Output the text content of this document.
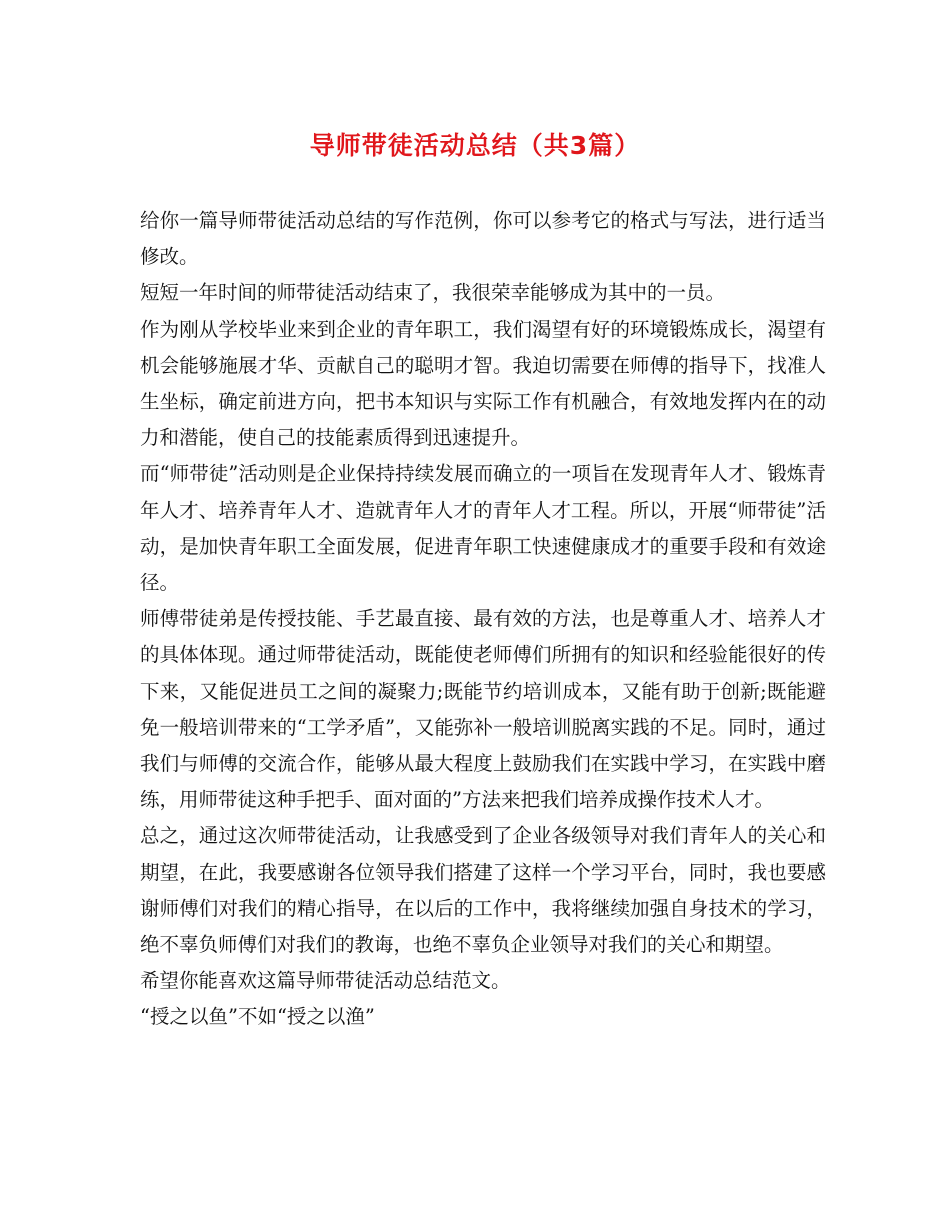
导师带徒活动总结（共3篇）

给你一篇导师带徒活动总结的写作范例，你可以参考它的格式与写法，进行适当修改。

短短一年时间的师带徒活动结束了，我很荣幸能够成为其中的一员。

作为刚从学校毕业来到企业的青年职工，我们渴望有好的环境锻炼成长，渴望有机会能够施展才华、贡献自己的聪明才智。我迫切需要在师傅的指导下，找准人生坐标，确定前进方向，把书本知识与实际工作有机融合，有效地发挥内在的动力和潜能，使自己的技能素质得到迅速提升。

而“师带徒”活动则是企业保持持续发展而确立的一项旨在发现青年人才、锻炼青年人才、培养青年人才、造就青年人才的青年人才工程。所以，开展“师带徒”活动，是加快青年职工全面发展，促进青年职工快速健康成才的重要手段和有效途径。

师傅带徒弟是传授技能、手艺最直接、最有效的方法，也是尊重人才、培养人才的具体体现。通过师带徒活动，既能使老师傅们所拥有的知识和经验能很好的传下来，又能促进员工之间的凝聚力;既能节约培训成本，又能有助于创新;既能避免一般培训带来的“工学矛盾”，又能弥补一般培训脱离实践的不足。同时，通过我们与师傅的交流合作，能够从最大程度上鼓励我们在实践中学习，在实践中磨练，用师带徒这种手把手、面对面的”方法来把我们培养成操作技术人才。

总之，通过这次师带徒活动，让我感受到了企业各级领导对我们青年人的关心和期望，在此，我要感谢各位领导我们搭建了这样一个学习平台，同时，我也要感谢师傅们对我们的精心指导，在以后的工作中，我将继续加强自身技术的学习，绝不辜负师傅们对我们的教诲，也绝不辜负企业领导对我们的关心和期望。

希望你能喜欢这篇导师带徒活动总结范文。

“授之以鱼”不如“授之以渔”
